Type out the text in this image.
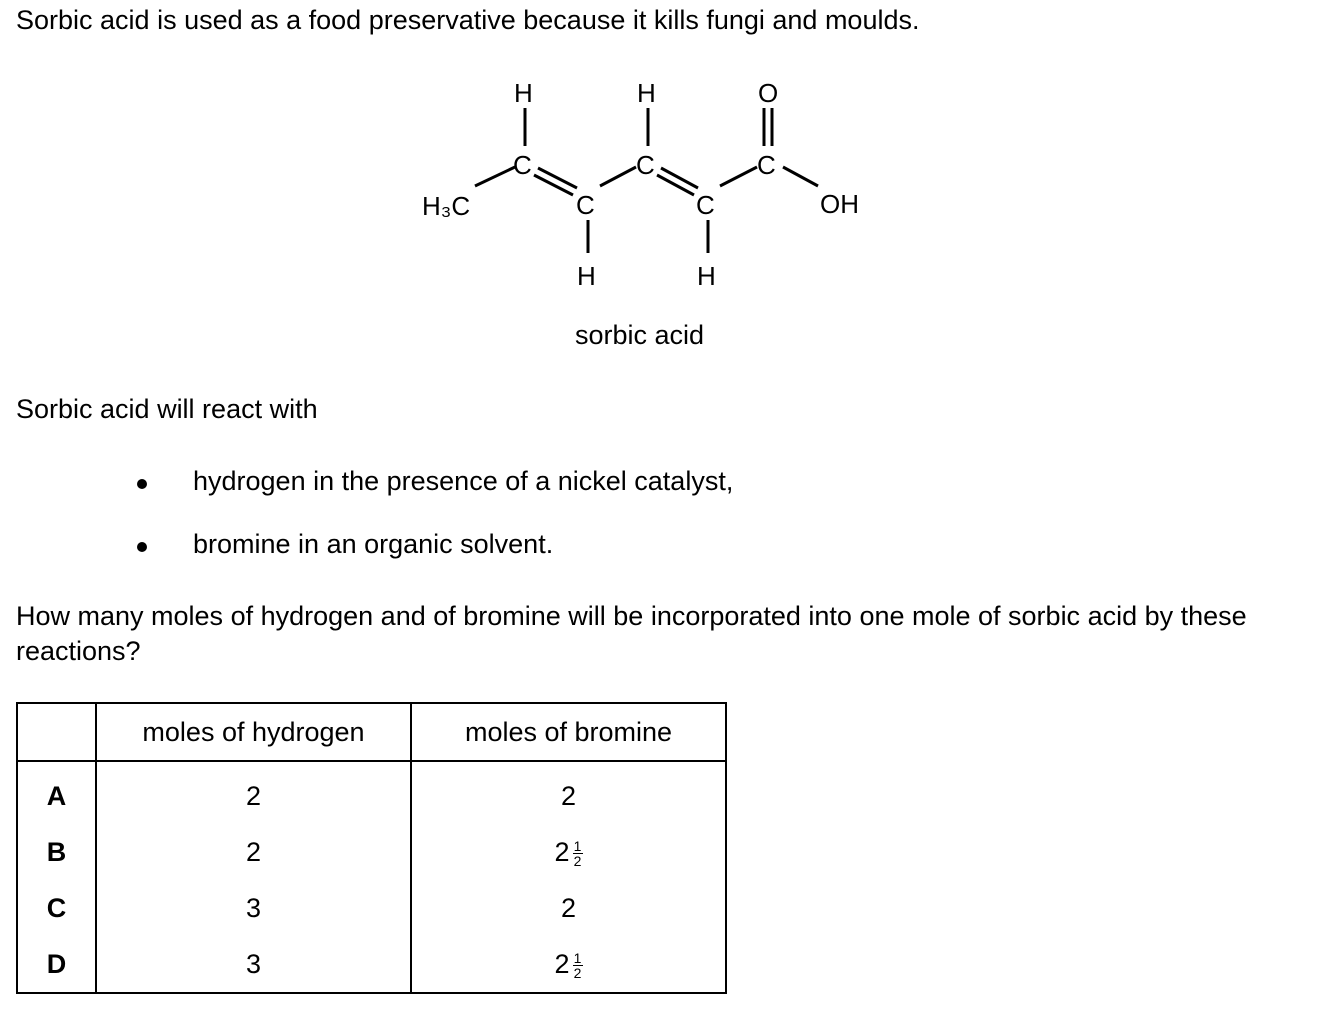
Sorbic acid is used as a food preservative because it kills fungi and moulds.
H	H	O
C	C	C
C	C
H₃C	OH
H	H
sorbic acid
Sorbic acid will react with
hydrogen in the presence of a nickel catalyst,
bromine in an organic solvent.
How many moles of hydrogen and of bromine will be incorporated into one mole of sorbic acid by these reactions?
	moles of hydrogen	moles of bromine
A	2	2
B	2	$2 \frac{1}{2}$

C	3	2
D	3	$2 \frac{1}{2}$
